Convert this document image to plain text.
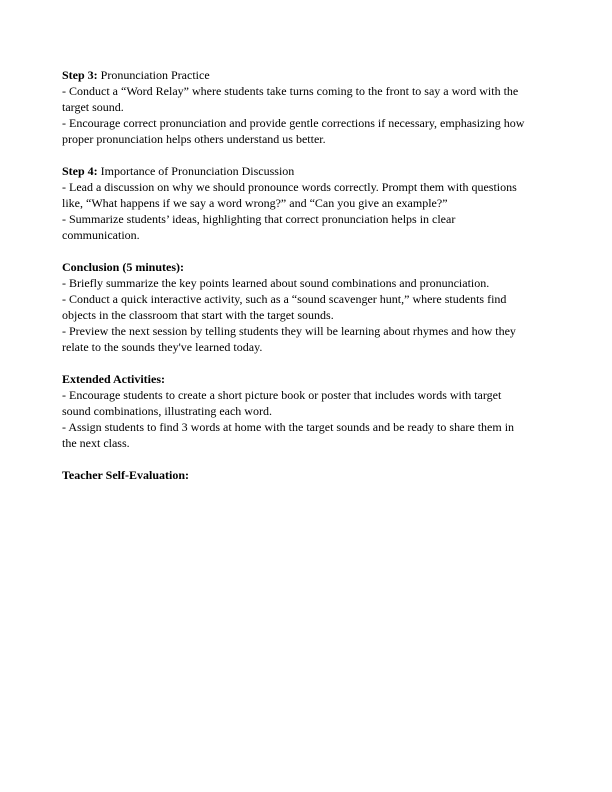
Step 3: Pronunciation Practice
- Conduct a “Word Relay” where students take turns coming to the front to say a word with the
target sound.
- Encourage correct pronunciation and provide gentle corrections if necessary, emphasizing how
proper pronunciation helps others understand us better.
Step 4: Importance of Pronunciation Discussion
- Lead a discussion on why we should pronounce words correctly. Prompt them with questions
like, “What happens if we say a word wrong?” and “Can you give an example?”
- Summarize students’ ideas, highlighting that correct pronunciation helps in clear
communication.
Conclusion (5 minutes):
- Briefly summarize the key points learned about sound combinations and pronunciation.
- Conduct a quick interactive activity, such as a “sound scavenger hunt,” where students find
objects in the classroom that start with the target sounds.
- Preview the next session by telling students they will be learning about rhymes and how they
relate to the sounds they've learned today.
Extended Activities:
- Encourage students to create a short picture book or poster that includes words with target
sound combinations, illustrating each word.
- Assign students to find 3 words at home with the target sounds and be ready to share them in
the next class.
Teacher Self-Evaluation:
